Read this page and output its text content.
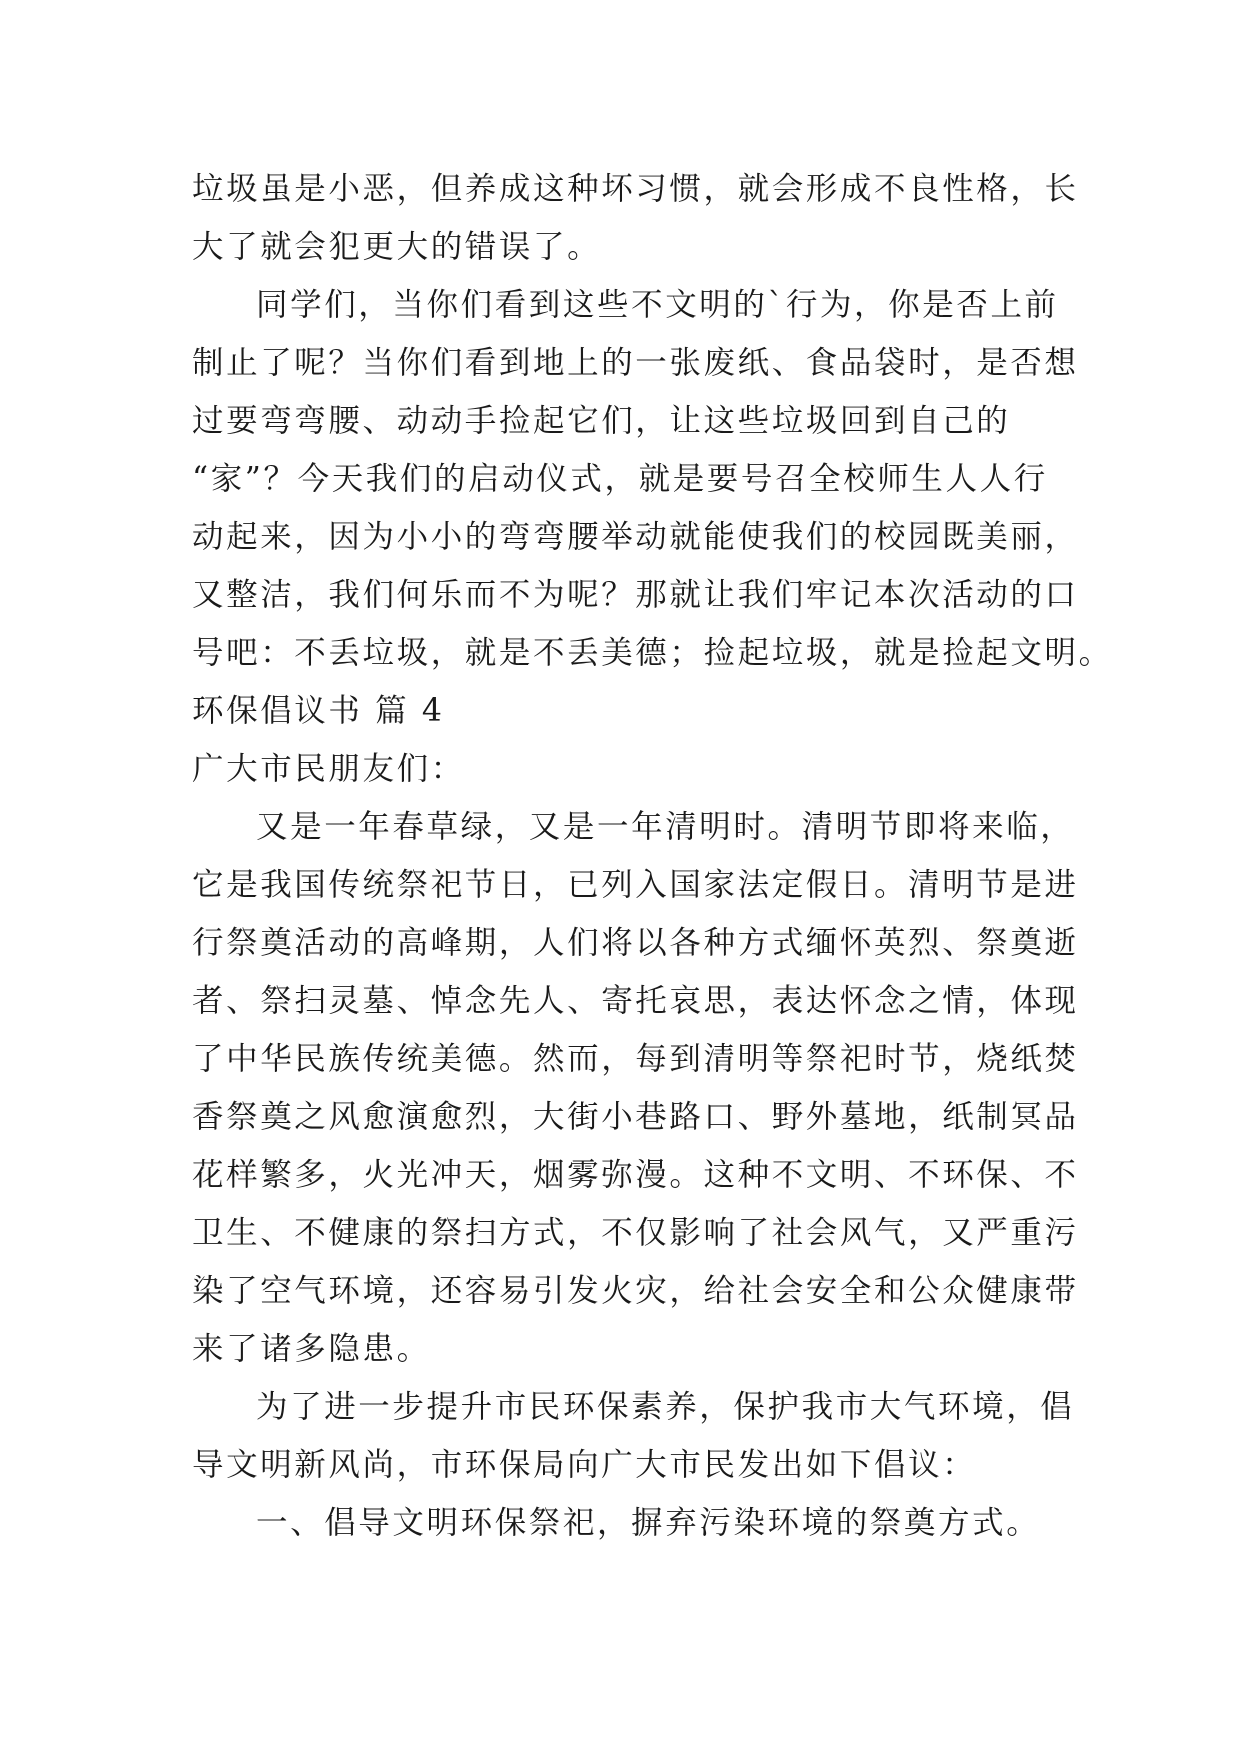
垃圾虽是小恶，但养成这种坏习惯，就会形成不良性格，长
大了就会犯更大的错误了。
同学们，当你们看到这些不文明的`行为，你是否上前
制止了呢？当你们看到地上的一张废纸、食品袋时，是否想
过要弯弯腰、动动手捡起它们，让这些垃圾回到自己的
“家”？今天我们的启动仪式，就是要号召全校师生人人行
动起来，因为小小的弯弯腰举动就能使我们的校园既美丽，
又整洁，我们何乐而不为呢？那就让我们牢记本次活动的口
号吧：不丢垃圾，就是不丢美德；捡起垃圾，就是捡起文明。
环保倡议书 篇 4
广大市民朋友们：
又是一年春草绿，又是一年清明时。清明节即将来临，
它是我国传统祭祀节日，已列入国家法定假日。清明节是进
行祭奠活动的高峰期，人们将以各种方式缅怀英烈、祭奠逝
者、祭扫灵墓、悼念先人、寄托哀思，表达怀念之情，体现
了中华民族传统美德。然而，每到清明等祭祀时节，烧纸焚
香祭奠之风愈演愈烈，大街小巷路口、野外墓地，纸制冥品
花样繁多，火光冲天，烟雾弥漫。这种不文明、不环保、不
卫生、不健康的祭扫方式，不仅影响了社会风气，又严重污
染了空气环境，还容易引发火灾，给社会安全和公众健康带
来了诸多隐患。
为了进一步提升市民环保素养，保护我市大气环境，倡
导文明新风尚，市环保局向广大市民发出如下倡议：
一、倡导文明环保祭祀，摒弃污染环境的祭奠方式。
